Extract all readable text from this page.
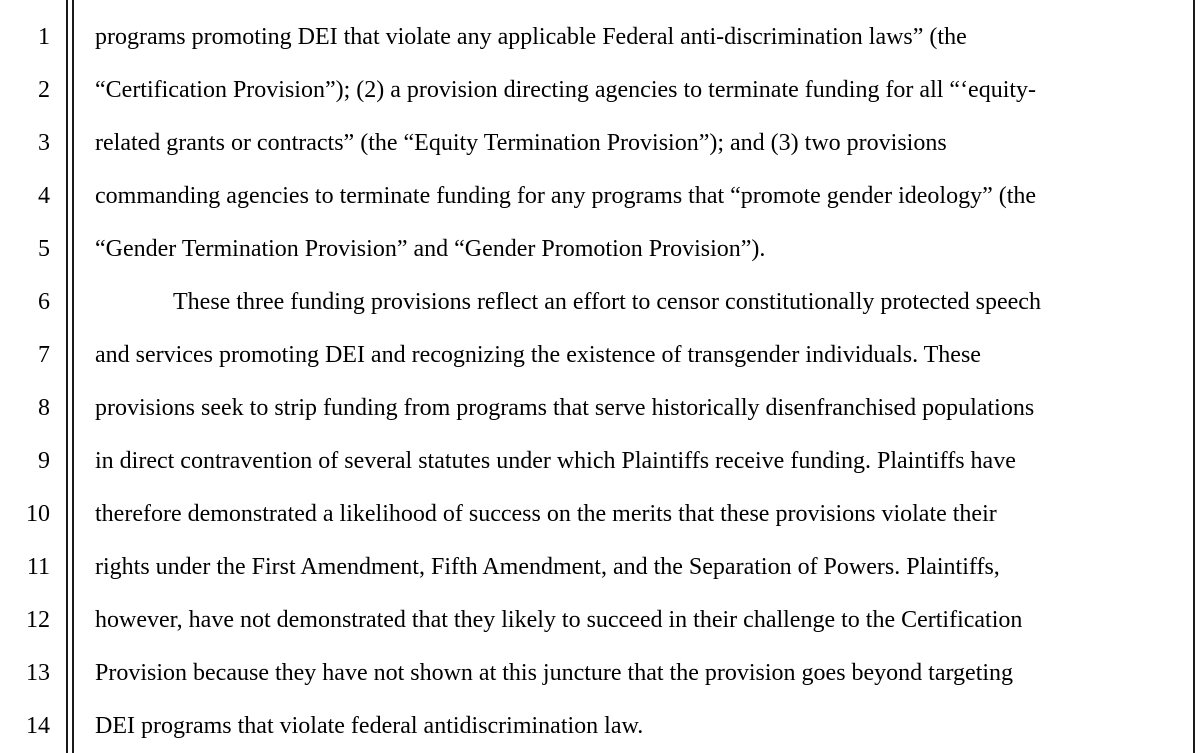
1
2
3
4
5
6
7
8
9
10
11
12
13
14
programs promoting DEI that violate any applicable Federal anti-discrimination laws” (the
“Certification Provision”); (2) a provision directing agencies to terminate funding for all “‘equity-
related grants or contracts” (the “Equity Termination Provision”); and (3) two provisions
commanding agencies to terminate funding for any programs that “promote gender ideology” (the
“Gender Termination Provision” and “Gender Promotion Provision”).
These three funding provisions reflect an effort to censor constitutionally protected speech
and services promoting DEI and recognizing the existence of transgender individuals. These
provisions seek to strip funding from programs that serve historically disenfranchised populations
in direct contravention of several statutes under which Plaintiffs receive funding. Plaintiffs have
therefore demonstrated a likelihood of success on the merits that these provisions violate their
rights under the First Amendment, Fifth Amendment, and the Separation of Powers. Plaintiffs,
however, have not demonstrated that they likely to succeed in their challenge to the Certification
Provision because they have not shown at this juncture that the provision goes beyond targeting
DEI programs that violate federal antidiscrimination law.
